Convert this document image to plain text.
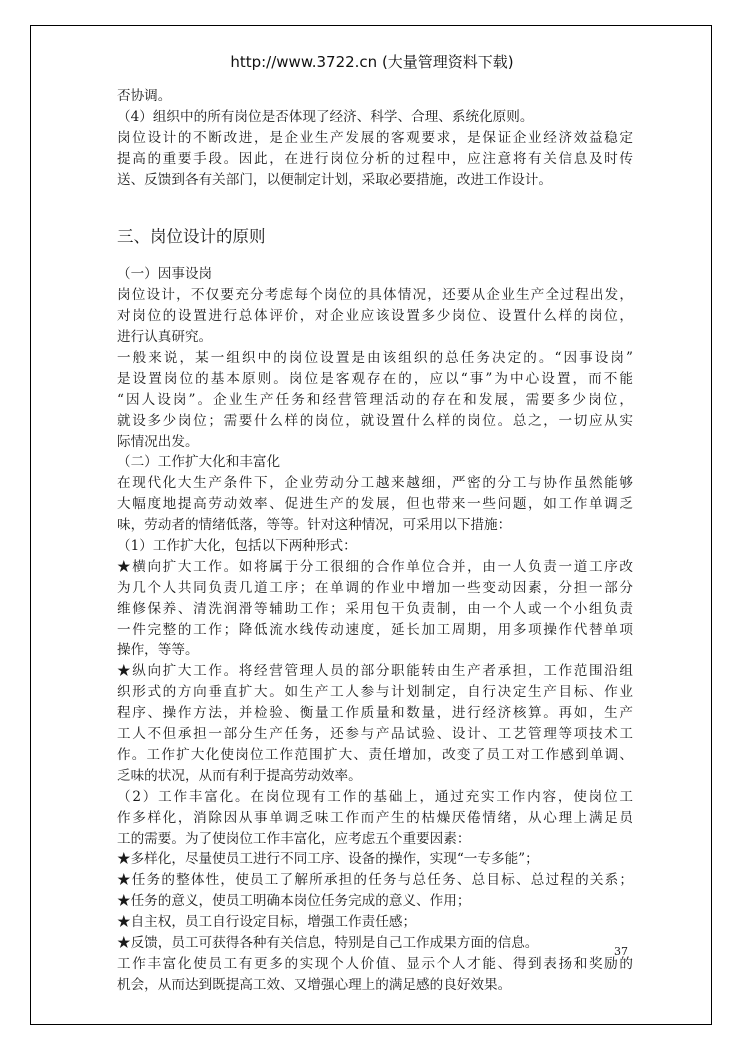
http://www.3722.cn (大量管理资料下载)
否协调。
（4）组织中的所有岗位是否体现了经济、科学、合理、系统化原则。
岗位设计的不断改进，是企业生产发展的客观要求，是保证企业经济效益稳定
提高的重要手段。因此，在进行岗位分析的过程中，应注意将有关信息及时传
送、反馈到各有关部门，以便制定计划，采取必要措施，改进工作设计。
三、岗位设计的原则
（一）因事设岗
岗位设计，不仅要充分考虑每个岗位的具体情况，还要从企业生产全过程出发，
对岗位的设置进行总体评价，对企业应该设置多少岗位、设置什么样的岗位，
进行认真研究。
一般来说，某一组织中的岗位设置是由该组织的总任务决定的。“因事设岗”
是设置岗位的基本原则。岗位是客观存在的，应以“事”为中心设置，而不能
“因人设岗”。企业生产任务和经营管理活动的存在和发展，需要多少岗位，
就设多少岗位；需要什么样的岗位，就设置什么样的岗位。总之，一切应从实
际情况出发。
（二）工作扩大化和丰富化
在现代化大生产条件下，企业劳动分工越来越细，严密的分工与协作虽然能够
大幅度地提高劳动效率、促进生产的发展，但也带来一些问题，如工作单调乏
味，劳动者的情绪低落，等等。针对这种情况，可采用以下措施：
（1）工作扩大化，包括以下两种形式：
★横向扩大工作。如将属于分工很细的合作单位合并，由一人负责一道工序改
为几个人共同负责几道工序；在单调的作业中增加一些变动因素，分担一部分
维修保养、清洗润滑等辅助工作；采用包干负责制，由一个人或一个小组负责
一件完整的工作；降低流水线传动速度，延长加工周期，用多项操作代替单项
操作，等等。
★纵向扩大工作。将经营管理人员的部分职能转由生产者承担，工作范围沿组
织形式的方向垂直扩大。如生产工人参与计划制定，自行决定生产目标、作业
程序、操作方法，并检验、衡量工作质量和数量，进行经济核算。再如，生产
工人不但承担一部分生产任务，还参与产品试验、设计、工艺管理等项技术工
作。工作扩大化使岗位工作范围扩大、责任增加，改变了员工对工作感到单调、
乏味的状况，从而有利于提高劳动效率。
（2）工作丰富化。在岗位现有工作的基础上，通过充实工作内容，使岗位工
作多样化，消除因从事单调乏味工作而产生的枯燥厌倦情绪，从心理上满足员
工的需要。为了使岗位工作丰富化，应考虑五个重要因素：
★多样化，尽量使员工进行不同工序、设备的操作，实现“一专多能”；
★任务的整体性，使员工了解所承担的任务与总任务、总目标、总过程的关系；
★任务的意义，使员工明确本岗位任务完成的意义、作用；
★自主权，员工自行设定目标，增强工作责任感；
★反馈，员工可获得各种有关信息，特别是自己工作成果方面的信息。
工作丰富化使员工有更多的实现个人价值、显示个人才能、得到表扬和奖励的
机会，从而达到既提高工效、又增强心理上的满足感的良好效果。
37
